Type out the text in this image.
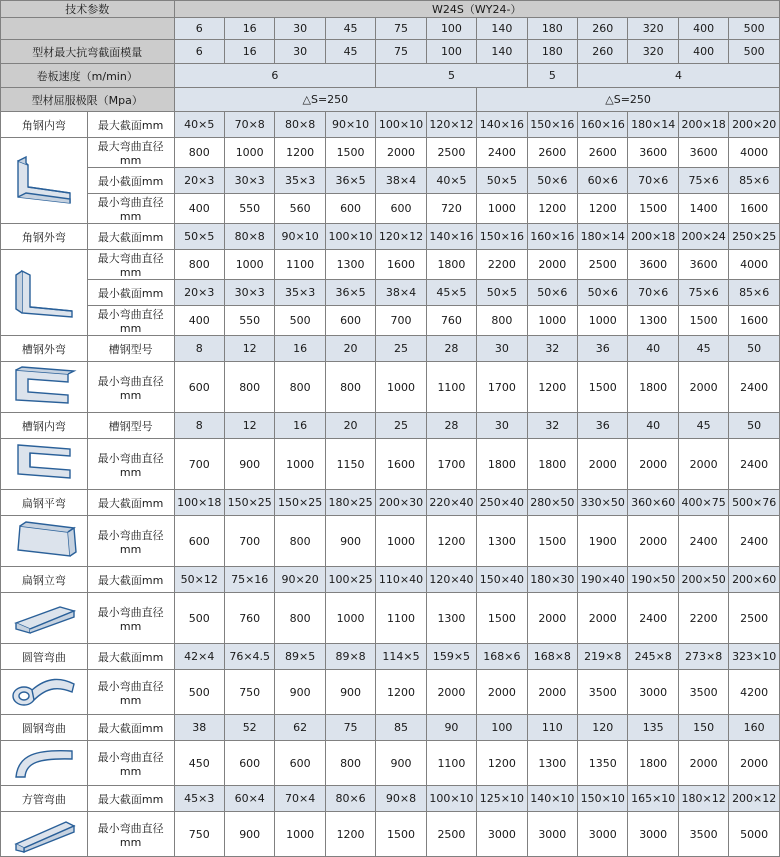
技术参数		W24S（WY24-）											
		6	16	30	45	75	100	140	180	260	320	400	500
型材最大抗弯截面模量		6	16	30	45	75	100	140	180	260	320	400	500
卷板速度（m/min）		6				5			5	4			
型材屈服极限（Mpa）		△S=250						△S=250					
角钢内弯	最大截面mm	40×5	70×8	80×8	90×10	100×10	120×12	140×16	150×16	160×16	180×14	200×18	200×20

	最大弯曲直径mm	800	1000	1200	1500	2000	2500	2400	2600	2600	3600	3600	4000
	最小截面mm	20×3	30×3	35×3	36×5	38×4	40×5	50×5	50×6	60×6	70×6	75×6	85×6
	最小弯曲直径mm	400	550	560	600	600	720	1000	1200	1200	1500	1400	1600
角钢外弯	最大截面mm	50×5	80×8	90×10	100×10	120×12	140×16	150×16	160×16	180×14	200×18	200×24	250×25

	最大弯曲直径mm	800	1000	1100	1300	1600	1800	2200	2000	2500	3600	3600	4000
	最小截面mm	20×3	30×3	35×3	36×5	38×4	45×5	50×5	50×6	50×6	70×6	75×6	85×6
	最小弯曲直径mm	400	550	500	600	700	760	800	1000	1000	1300	1500	1600
槽钢外弯	槽钢型号	8	12	16	20	25	28	30	32	36	40	45	50

	最小弯曲直径mm	600	800	800	800	1000	1100	1700	1200	1500	1800	2000	2400
槽钢内弯	槽钢型号	8	12	16	20	25	28	30	32	36	40	45	50

	最小弯曲直径mm	700	900	1000	1150	1600	1700	1800	1800	2000	2000	2000	2400
扁钢平弯	最大截面mm	100×18	150×25	150×25	180×25	200×30	220×40	250×40	280×50	330×50	360×60	400×75	500×76

	最小弯曲直径mm	600	700	800	900	1000	1200	1300	1500	1900	2000	2400	2400
扁钢立弯	最大截面mm	50×12	75×16	90×20	100×25	110×40	120×40	150×40	180×30	190×40	190×50	200×50	200×60

	最小弯曲直径mm	500	760	800	1000	1100	1300	1500	2000	2000	2400	2200	2500
圆管弯曲	最大截面mm	42×4	76×4.5	89×5	89×8	114×5	159×5	168×6	168×8	219×8	245×8	273×8	323×10

	最小弯曲直径mm	500	750	900	900	1200	2000	2000	2000	3500	3000	3500	4200
圆钢弯曲	最大截面mm	38	52	62	75	85	90	100	110	120	135	150	160

	最小弯曲直径mm	450	600	600	800	900	1100	1200	1300	1350	1800	2000	2000
方管弯曲	最大截面mm	45×3	60×4	70×4	80×6	90×8	100×10	125×10	140×10	150×10	165×10	180×12	200×12

	最小弯曲直径mm	750	900	1000	1200	1500	2500	3000	3000	3000	3000	3500	5000
